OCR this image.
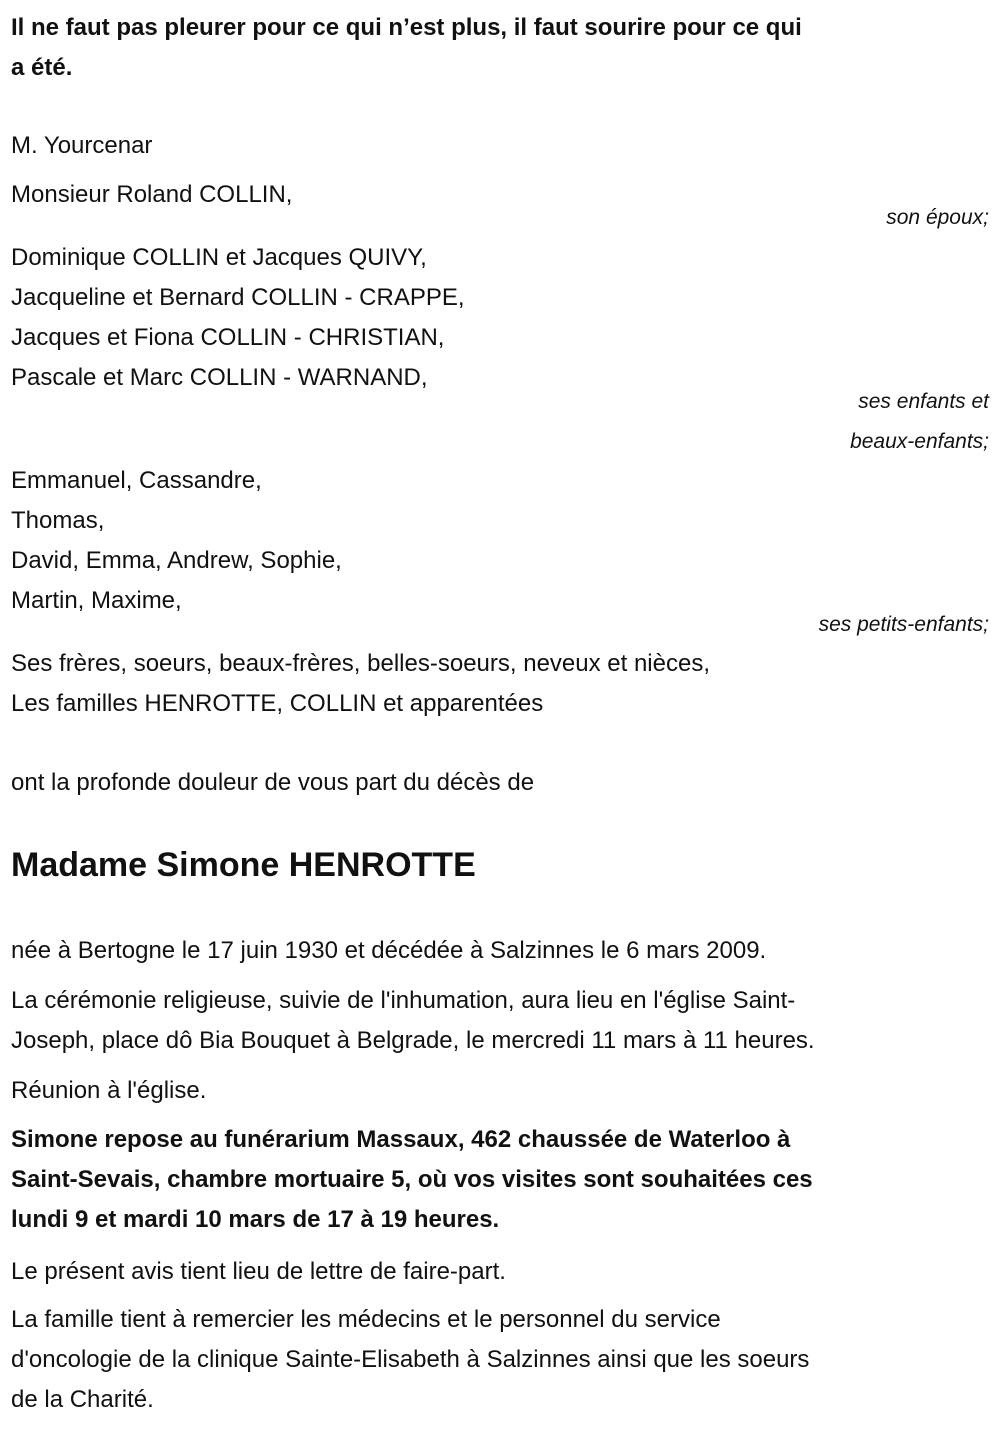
Il ne faut pas pleurer pour ce qui n’est plus, il faut sourire pour ce qui
a été.
M. Yourcenar
Monsieur Roland COLLIN,
son époux;
Dominique COLLIN et Jacques QUIVY,
Jacqueline et Bernard COLLIN - CRAPPE,
Jacques et Fiona COLLIN - CHRISTIAN,
Pascale et Marc COLLIN - WARNAND,
ses enfants et
beaux-enfants;
Emmanuel, Cassandre,
Thomas,
David, Emma, Andrew, Sophie,
Martin, Maxime,
ses petits-enfants;
Ses frères, soeurs, beaux-frères, belles-soeurs, neveux et nièces,
Les familles HENROTTE, COLLIN et apparentées
ont la profonde douleur de vous part du décès de
Madame Simone HENROTTE
née à Bertogne le 17 juin 1930 et décédée à Salzinnes le 6 mars 2009.
La cérémonie religieuse, suivie de l'inhumation, aura lieu en l'église Saint-
Joseph, place dô Bia Bouquet à Belgrade, le mercredi 11 mars à 11 heures.
Réunion à l'église.
Simone repose au funérarium Massaux, 462 chaussée de Waterloo à
Saint-Sevais, chambre mortuaire 5, où vos visites sont souhaitées ces
lundi 9 et mardi 10 mars de 17 à 19 heures.
Le présent avis tient lieu de lettre de faire-part.
La famille tient à remercier les médecins et le personnel du service
d'oncologie de la clinique Sainte-Elisabeth à Salzinnes ainsi que les soeurs
de la Charité.
